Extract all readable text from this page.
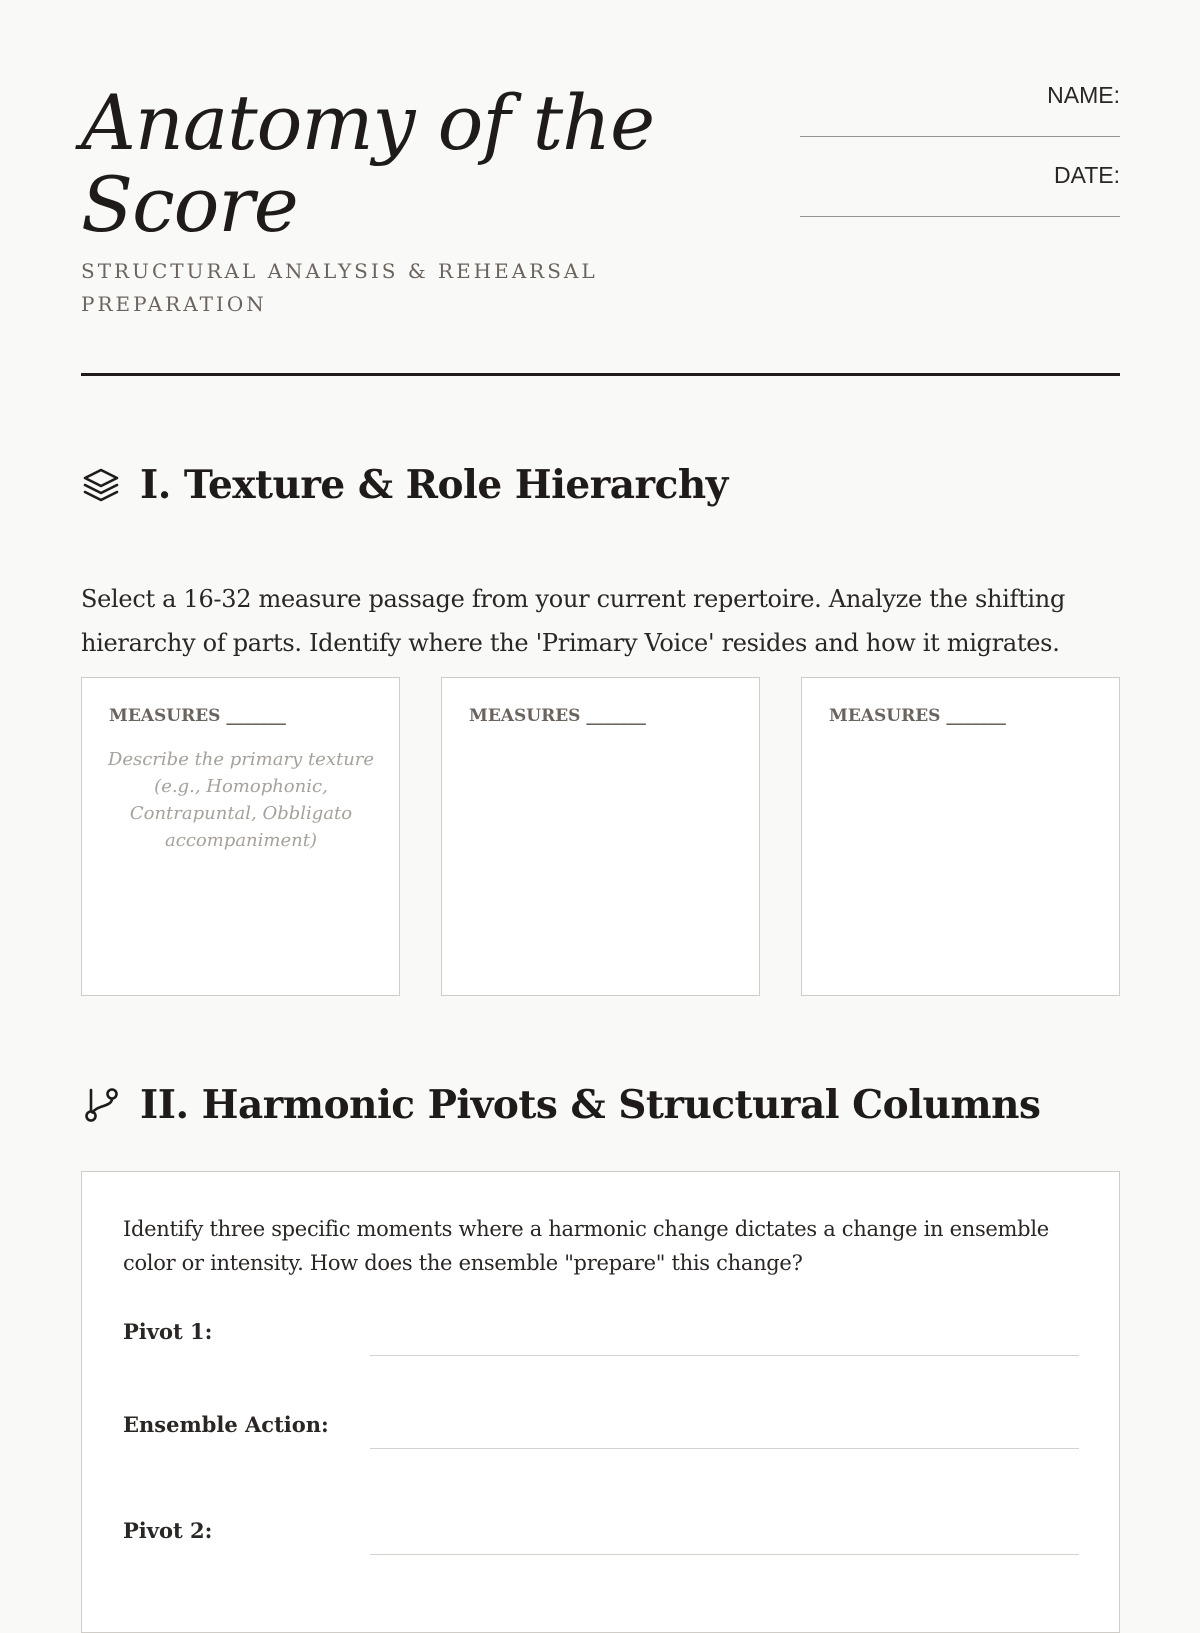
Anatomy of the Score
STRUCTURAL ANALYSIS & REHEARSAL PREPARATION
NAME:
DATE:
I. Texture & Role Hierarchy

Select a 16-32 measure passage from your current repertoire. Analyze the shifting hierarchy of parts. Identify where the 'Primary Voice' resides and how it migrates.

MEASURES _______
Describe the primary texture (e.g., Homophonic, Contrapuntal, Obbligato accompaniment)
MEASURES _______	MEASURES _______
II. Harmonic Pivots & Structural Columns

Identify three specific moments where a harmonic change dictates a change in ensemble color or intensity. How does the ensemble "prepare" this change?

Pivot 1:
Ensemble Action:
Pivot 2:
